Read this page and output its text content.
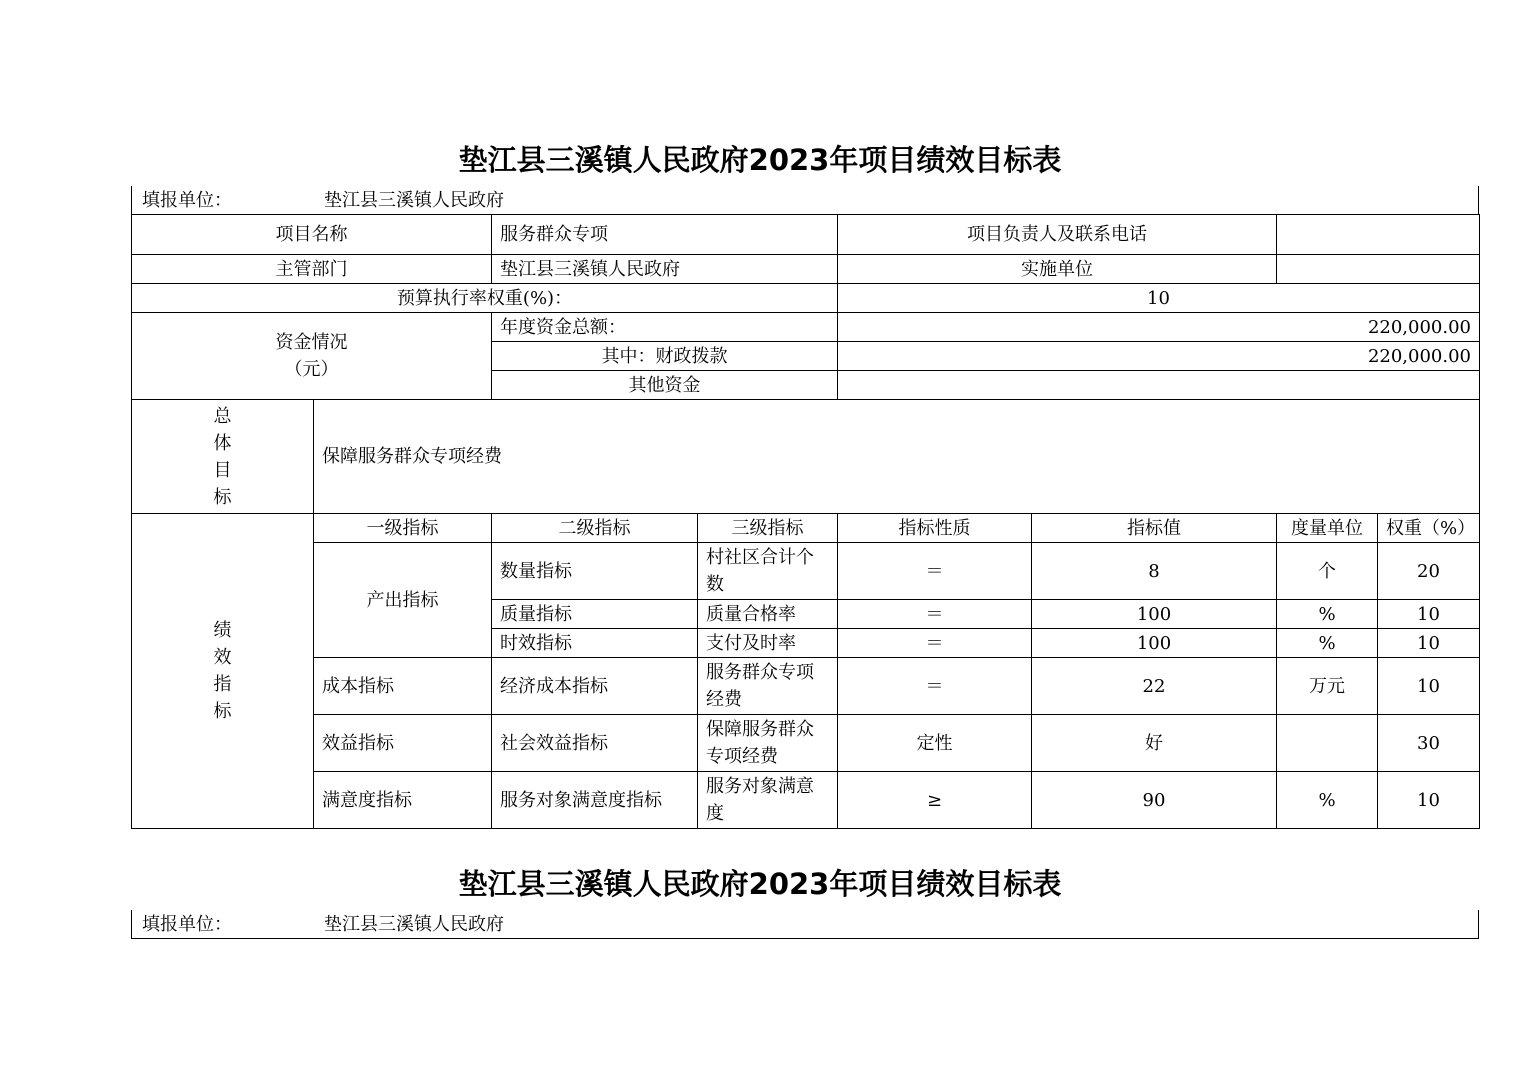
垫江县三溪镇人民政府2023年项目绩效目标表
填报单位：	垫江县三溪镇人民政府
项目名称		服务群众专项		项目负责人及联系电话			
主管部门		垫江县三溪镇人民政府		实施单位			
预算执行率权重(%)：				10			

资金情况
（元）		年度资金总额：		220,000.00			
		其中：财政拨款		220,000.00			
		其他资金					

总
体
目
标	保障服务群众专项经费						

绩
效
指
标	一级指标	二级指标	三级指标	指标性质	指标值	度量单位	权重（%）
	产出指标	数量指标	村社区合计个数	＝	8	个	20
		质量指标	质量合格率	＝	100	%	10
		时效指标	支付及时率	＝	100	%	10
	成本指标	经济成本指标	服务群众专项经费	＝	22	万元	10
	效益指标	社会效益指标	保障服务群众专项经费	定性	好		30
	满意度指标	服务对象满意度指标	服务对象满意度	≥	90	%	10
垫江县三溪镇人民政府2023年项目绩效目标表
填报单位：	垫江县三溪镇人民政府
